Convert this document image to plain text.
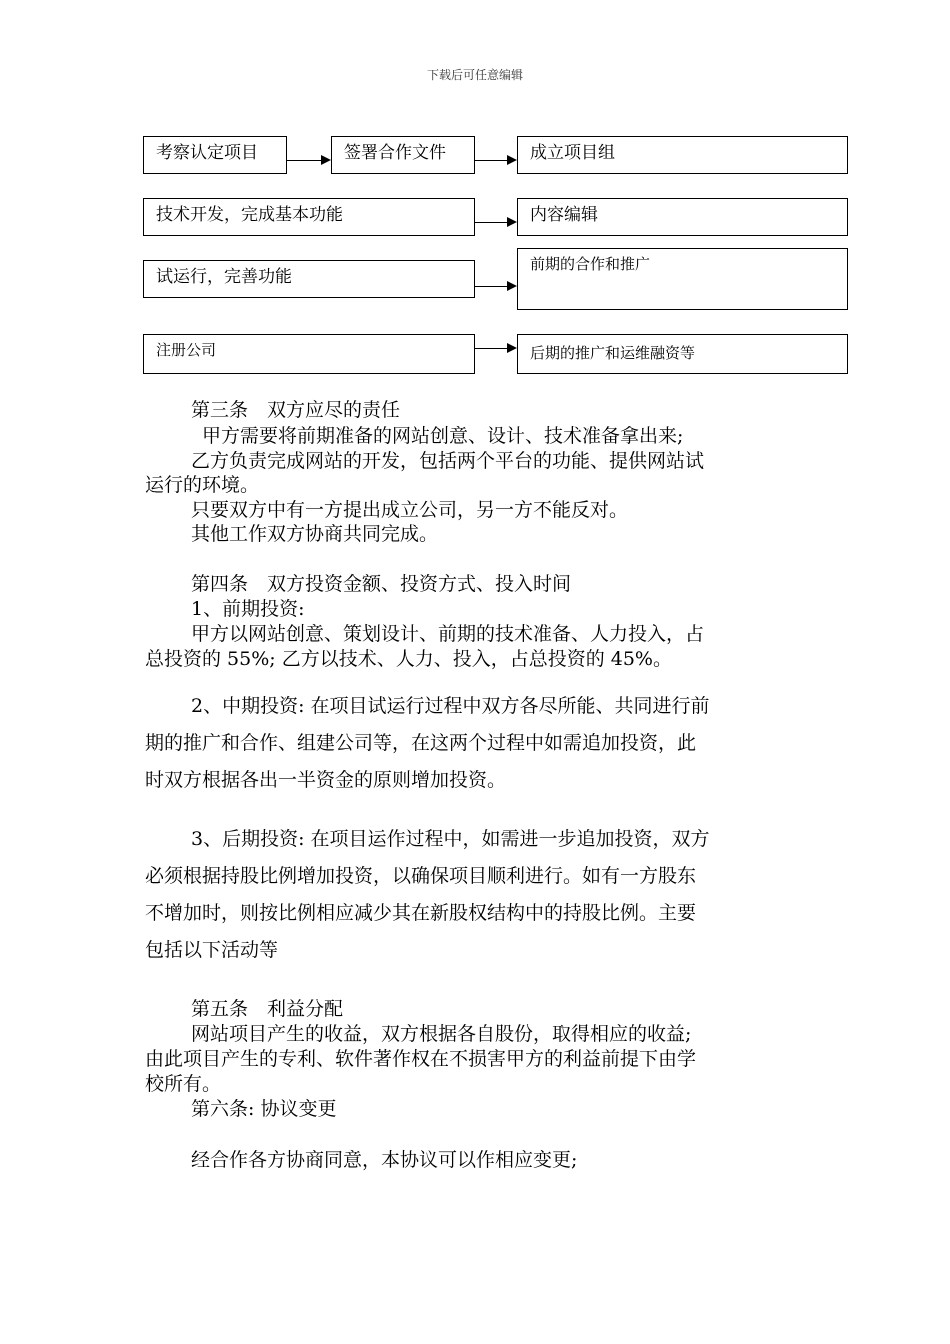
下载后可任意编辑
考察认定项目	签署合作文件	成立项目组
技术开发，完成基本功能	内容编辑
试运行，完善功能
前期的合作和推广
注册公司	后期的推广和运维融资等

第三条　双方应尽的责任

甲方需要将前期准备的网站创意、设计、技术准备拿出来;

乙方负责完成网站的开发，包括两个平台的功能、提供网站试

运行的环境。

只要双方中有一方提出成立公司，另一方不能反对。

其他工作双方协商共同完成。

第四条　双方投资金额、投资方式、投入时间

1、前期投资:

甲方以网站创意、策划设计、前期的技术准备、人力投入，占

总投资的 55%; 乙方以技术、人力、投入，占总投资的 45%。

2、中期投资: 在项目试运行过程中双方各尽所能、共同进行前

期的推广和合作、组建公司等，在这两个过程中如需追加投资，此

时双方根据各出一半资金的原则增加投资。

3、后期投资: 在项目运作过程中，如需进一步追加投资，双方

必须根据持股比例增加投资，以确保项目顺利进行。如有一方股东

不增加时，则按比例相应减少其在新股权结构中的持股比例。主要

包括以下活动等

第五条　利益分配

网站项目产生的收益，双方根据各自股份，取得相应的收益;

由此项目产生的专利、软件著作权在不损害甲方的利益前提下由学

校所有。

第六条: 协议变更

经合作各方协商同意，本协议可以作相应变更;
